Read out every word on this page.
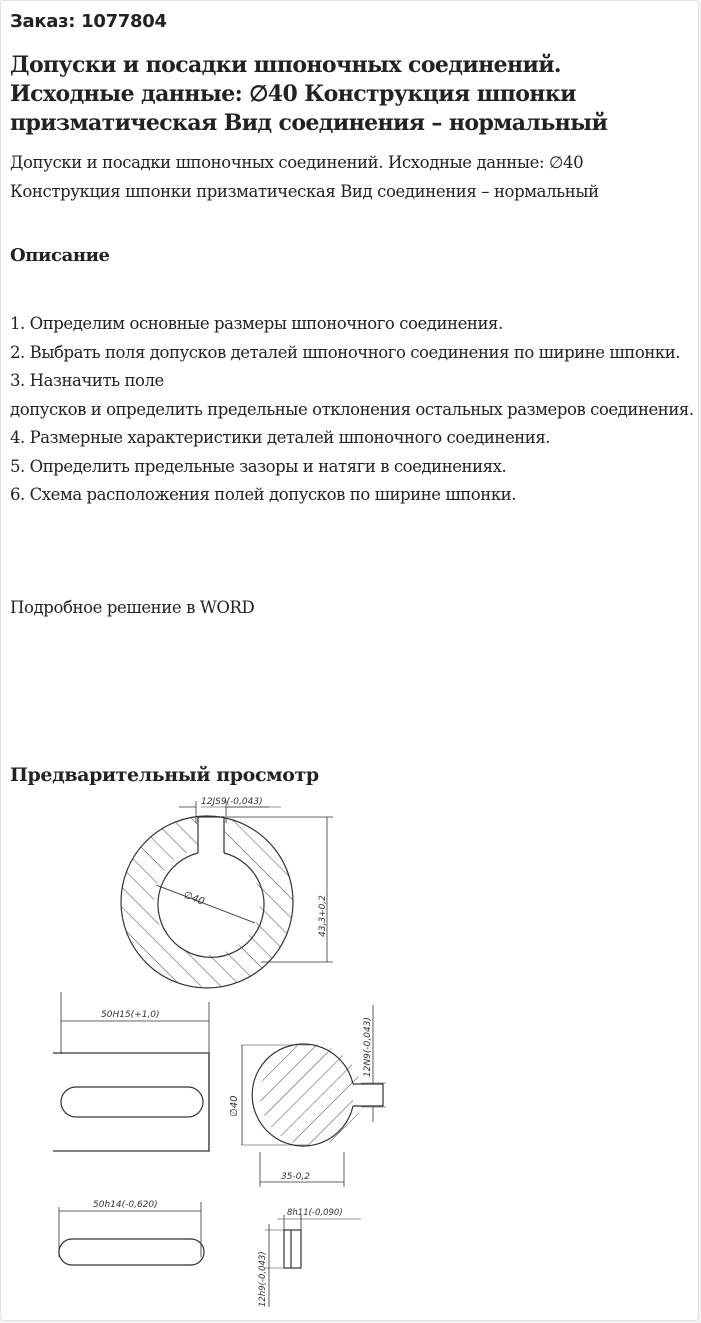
Заказ: 1077804
Допуски и посадки шпоночных соединений. Исходные данные: ∅40 Конструкция шпонки призматическая Вид соединения – нормальный

Допуски и посадки шпоночных соединений. Исходные данные: ∅40 Конструкция шпонки призматическая Вид соединения – нормальный

Описание
1. Определим основные размеры шпоночного соединения.
2. Выбрать поля допусков деталей шпоночного соединения по ширине шпонки.
3. Назначить поле
допусков и определить предельные отклонения остальных размеров соединения.
4. Размерные характеристики деталей шпоночного соединения.
5. Определить предельные зазоры и натяги в соединениях.
6. Схема расположения полей допусков по ширине шпонки.

Подробное решение в WORD

Предварительный просмотр
12JS9(-0,043)
∅40	43,3+0,2
50H15(+1,0)
∅40
35-0,2
12N9(-0,043)
50h14(-0,620)
8h11(-0,090)
12h9(-0,043)
